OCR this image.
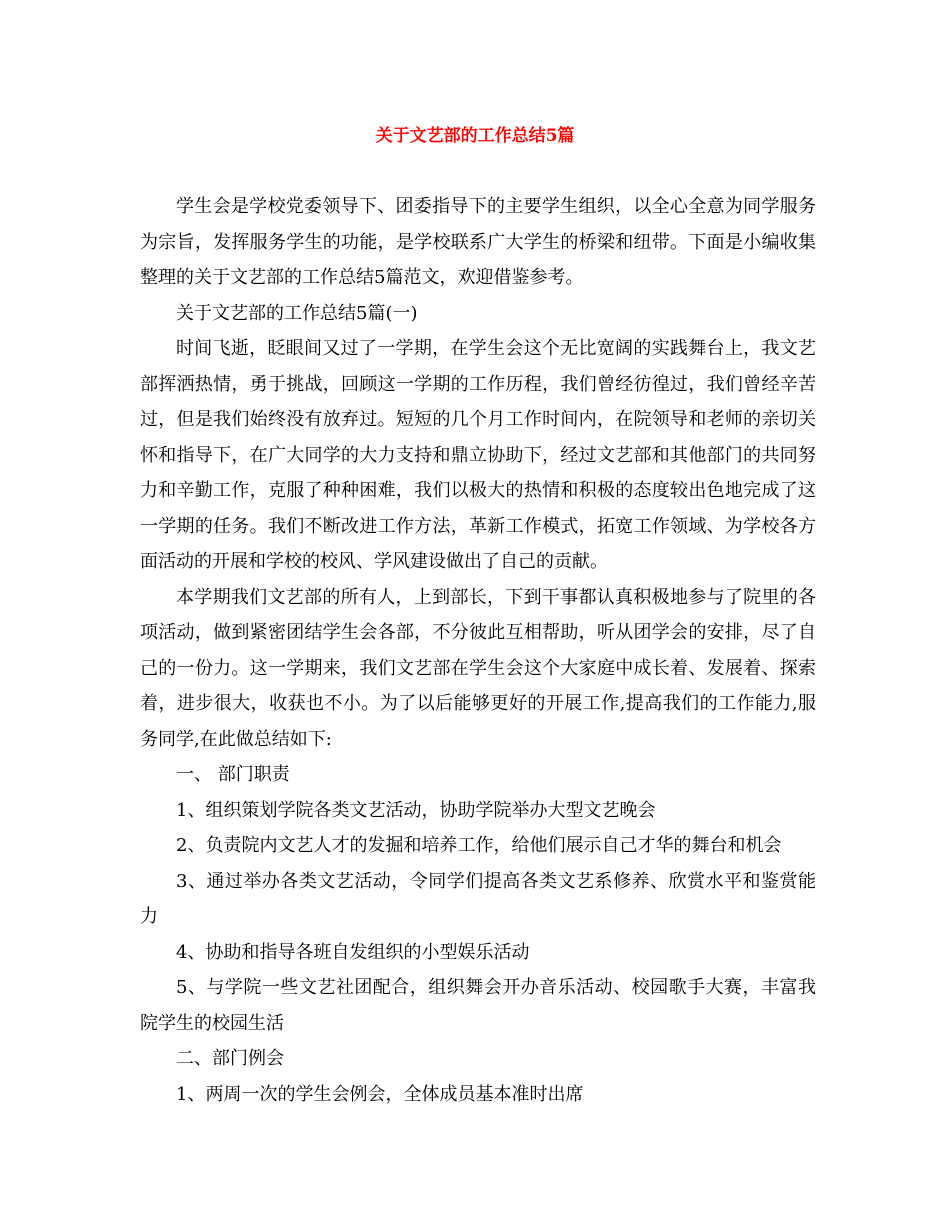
关于文艺部的工作总结5篇

学生会是学校党委领导下、团委指导下的主要学生组织，以全心全意为同学服务为宗旨，发挥服务学生的功能，是学校联系广大学生的桥梁和纽带。下面是小编收集整理的关于文艺部的工作总结5篇范文，欢迎借鉴参考。

关于文艺部的工作总结5篇(一)

时间飞逝，眨眼间又过了一学期，在学生会这个无比宽阔的实践舞台上，我文艺部挥洒热情，勇于挑战，回顾这一学期的工作历程，我们曾经彷徨过，我们曾经辛苦过，但是我们始终没有放弃过。短短的几个月工作时间内，在院领导和老师的亲切关怀和指导下，在广大同学的大力支持和鼎立协助下，经过文艺部和其他部门的共同努力和辛勤工作，克服了种种困难，我们以极大的热情和积极的态度较出色地完成了这一学期的任务。我们不断改进工作方法，革新工作模式，拓宽工作领域、为学校各方面活动的开展和学校的校风、学风建设做出了自己的贡献。

本学期我们文艺部的所有人，上到部长，下到干事都认真积极地参与了院里的各项活动，做到紧密团结学生会各部，不分彼此互相帮助，听从团学会的安排，尽了自己的一份力。这一学期来，我们文艺部在学生会这个大家庭中成长着、发展着、探索着，进步很大，收获也不小。为了以后能够更好的开展工作,提高我们的工作能力,服务同学,在此做总结如下:

一、 部门职责

1、组织策划学院各类文艺活动，协助学院举办大型文艺晚会

2、负责院内文艺人才的发掘和培养工作，给他们展示自己才华的舞台和机会

3、通过举办各类文艺活动，令同学们提高各类文艺系修养、欣赏水平和鉴赏能力

4、协助和指导各班自发组织的小型娱乐活动

5、与学院一些文艺社团配合，组织舞会开办音乐活动、校园歌手大赛，丰富我院学生的校园生活

二、部门例会

1、两周一次的学生会例会，全体成员基本准时出席
